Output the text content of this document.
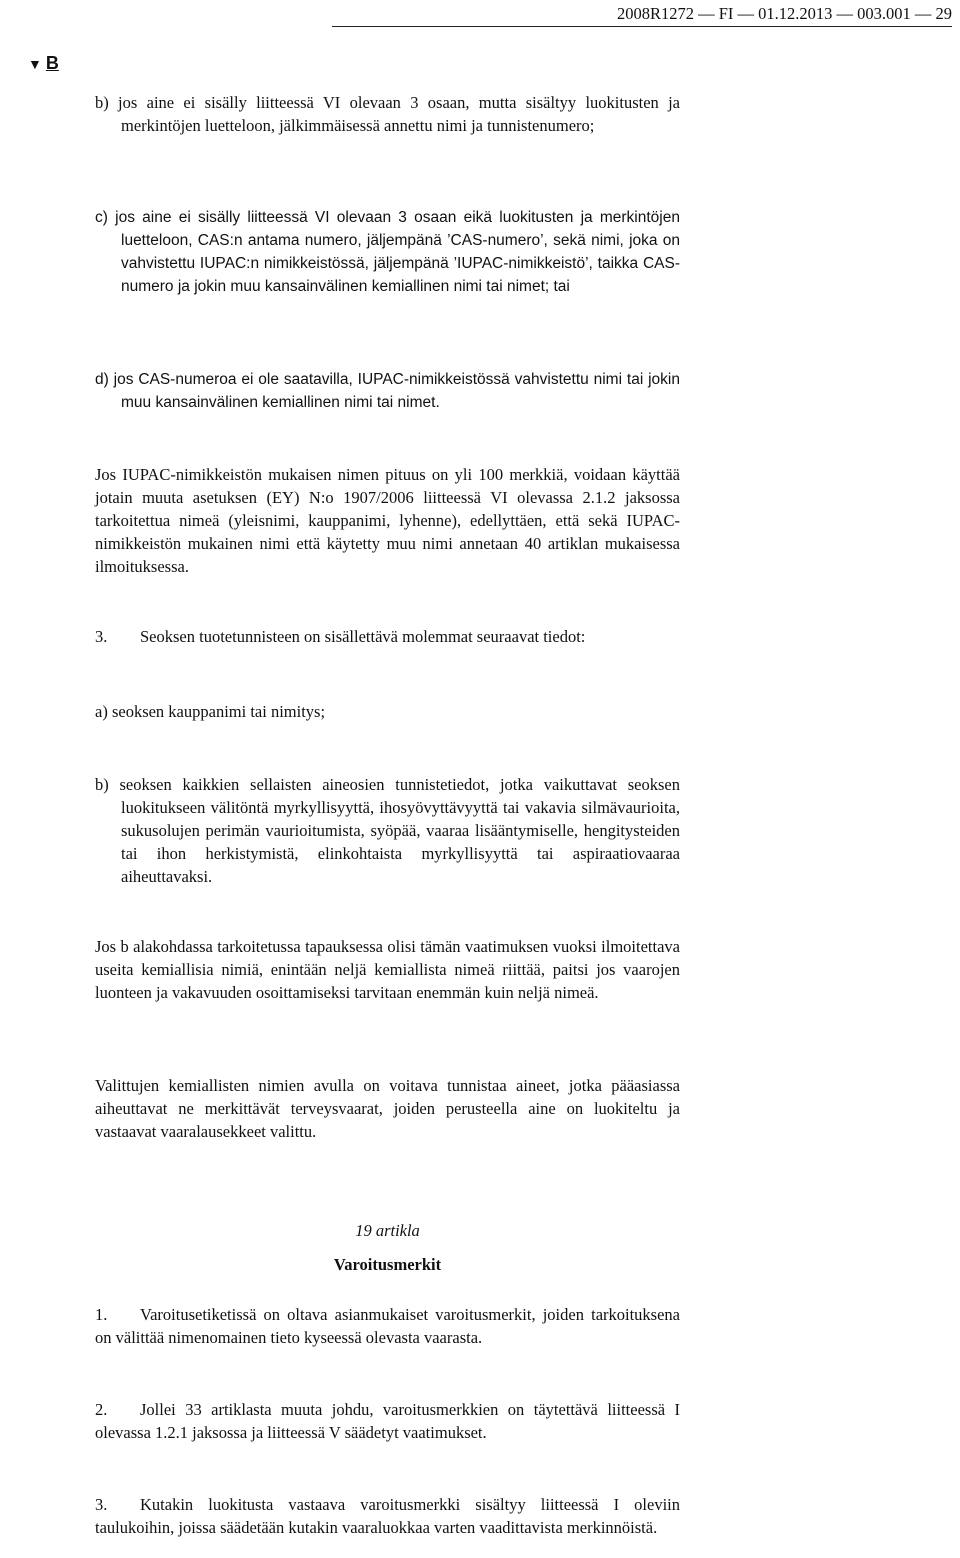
2008R1272 — FI — 01.12.2013 — 003.001 — 29
▼ B

b) jos aine ei sisälly liitteessä VI olevaan 3 osaan, mutta sisältyy luokitusten ja merkintöjen luetteloon, jälkimmäisessä annettu nimi ja tunnistenumero;

c) jos aine ei sisälly liitteessä VI olevaan 3 osaan eikä luokitusten ja merkintöjen luetteloon, CAS:n antama numero, jäljempänä ’CAS-numero’, sekä nimi, joka on vahvistettu IUPAC:n nimikkeistössä, jäljempänä ’IUPAC-nimikkeistö’, taikka CAS-numero ja jokin muu kansainvälinen kemiallinen nimi tai nimet; tai

d) jos CAS-numeroa ei ole saatavilla, IUPAC-nimikkeistössä vahvistettu nimi tai jokin muu kansainvälinen kemiallinen nimi tai nimet.

Jos IUPAC-nimikkeistön mukaisen nimen pituus on yli 100 merkkiä, voidaan käyttää jotain muuta asetuksen (EY) N:o 1907/2006 liitteessä VI olevassa 2.1.2 jaksossa tarkoitettua nimeä (yleisnimi, kauppanimi, lyhenne), edellyttäen, että sekä IUPAC-nimikkeistön mukainen nimi että käytetty muu nimi annetaan 40 artiklan mukaisessa ilmoituksessa.

3. Seoksen tuotetunnisteen on sisällettävä molemmat seuraavat tiedot:

a) seoksen kauppanimi tai nimitys;

b) seoksen kaikkien sellaisten aineosien tunnistetiedot, jotka vaikuttavat seoksen luokitukseen välitöntä myrkyllisyyttä, ihosyövyttävyyttä tai vakavia silmävaurioita, sukusolujen perimän vaurioitumista, syöpää, vaaraa lisääntymiselle, hengitysteiden tai ihon herkistymistä, elinkohtaista myrkyllisyyttä tai aspiraatiovaaraa aiheuttavaksi.

Jos b alakohdassa tarkoitetussa tapauksessa olisi tämän vaatimuksen vuoksi ilmoitettava useita kemiallisia nimiä, enintään neljä kemiallista nimeä riittää, paitsi jos vaarojen luonteen ja vakavuuden osoittamiseksi tarvitaan enemmän kuin neljä nimeä.

Valittujen kemiallisten nimien avulla on voitava tunnistaa aineet, jotka pääasiassa aiheuttavat ne merkittävät terveysvaarat, joiden perusteella aine on luokiteltu ja vastaavat vaaralausekkeet valittu.

19 artikla
Varoitusmerkit

1. Varoitusetiketissä on oltava asianmukaiset varoitusmerkit, joiden tarkoituksena on välittää nimenomainen tieto kyseessä olevasta vaarasta.

2. Jollei 33 artiklasta muuta johdu, varoitusmerkkien on täytettävä liitteessä I olevassa 1.2.1 jaksossa ja liitteessä V säädetyt vaatimukset.

3. Kutakin luokitusta vastaava varoitusmerkki sisältyy liitteessä I oleviin taulukoihin, joissa säädetään kutakin vaaraluokkaa varten vaadittavista merkinnöistä.
